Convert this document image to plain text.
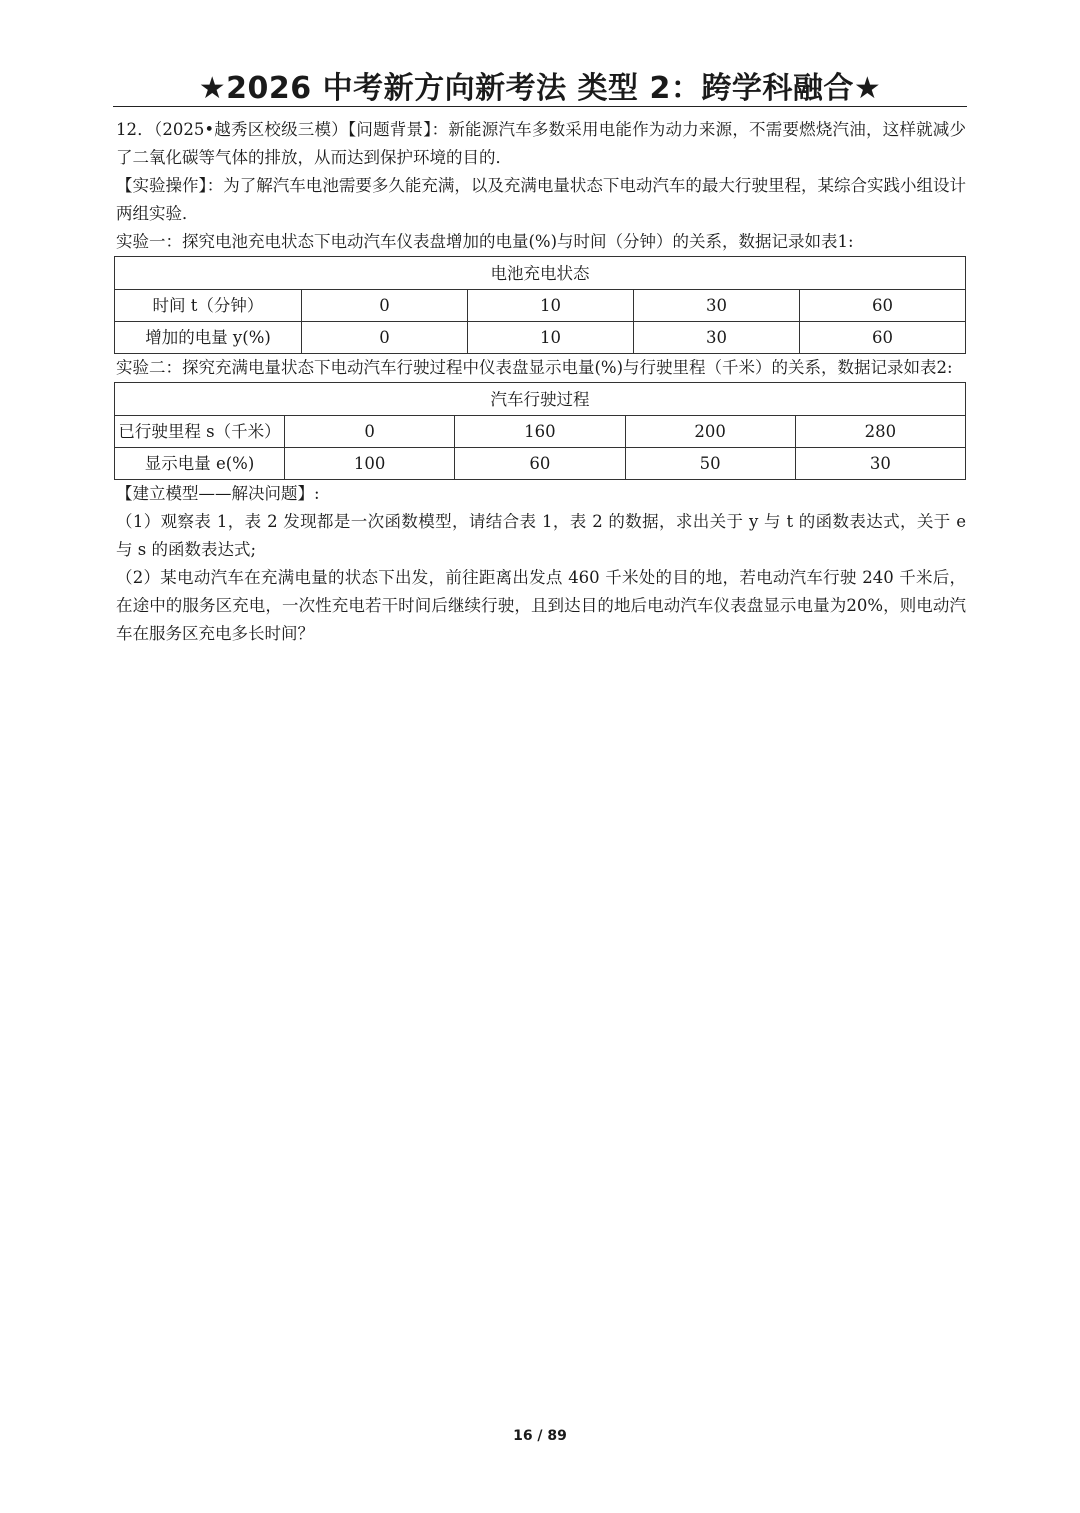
★2026 中考新方向新考法 类型 2：跨学科融合★

12．（2025•越秀区校级三模）【问题背景】：新能源汽车多数采用电能作为动力来源，不需要燃烧汽油，这样就减少了二氧化碳等气体的排放，从而达到保护环境的目的．

【实验操作】：为了解汽车电池需要多久能充满，以及充满电量状态下电动汽车的最大行驶里程，某综合实践小组设计两组实验．

实验一：探究电池充电状态下电动汽车仪表盘增加的电量(%)与时间（分钟）的关系，数据记录如表1:

电池充电状态				
时间 t（分钟）	0	10	30	60
增加的电量 y(%)	0	10	30	60

实验二：探究充满电量状态下电动汽车行驶过程中仪表盘显示电量(%)与行驶里程（千米）的关系，数据记录如表2:

汽车行驶过程				
已行驶里程 s（千米）	0	160	200	280
显示电量 e(%)	100	60	50	30

【建立模型——解决问题】:

（1）观察表 1，表 2 发现都是一次函数模型，请结合表 1，表 2 的数据，求出关于 y 与 t 的函数表达式，关于 e 与 s 的函数表达式;

（2）某电动汽车在充满电量的状态下出发，前往距离出发点 460 千米处的目的地，若电动汽车行驶 240 千米后，在途中的服务区充电，一次性充电若干时间后继续行驶，且到达目的地后电动汽车仪表盘显示电量为20%，则电动汽车在服务区充电多长时间？

16 / 89
